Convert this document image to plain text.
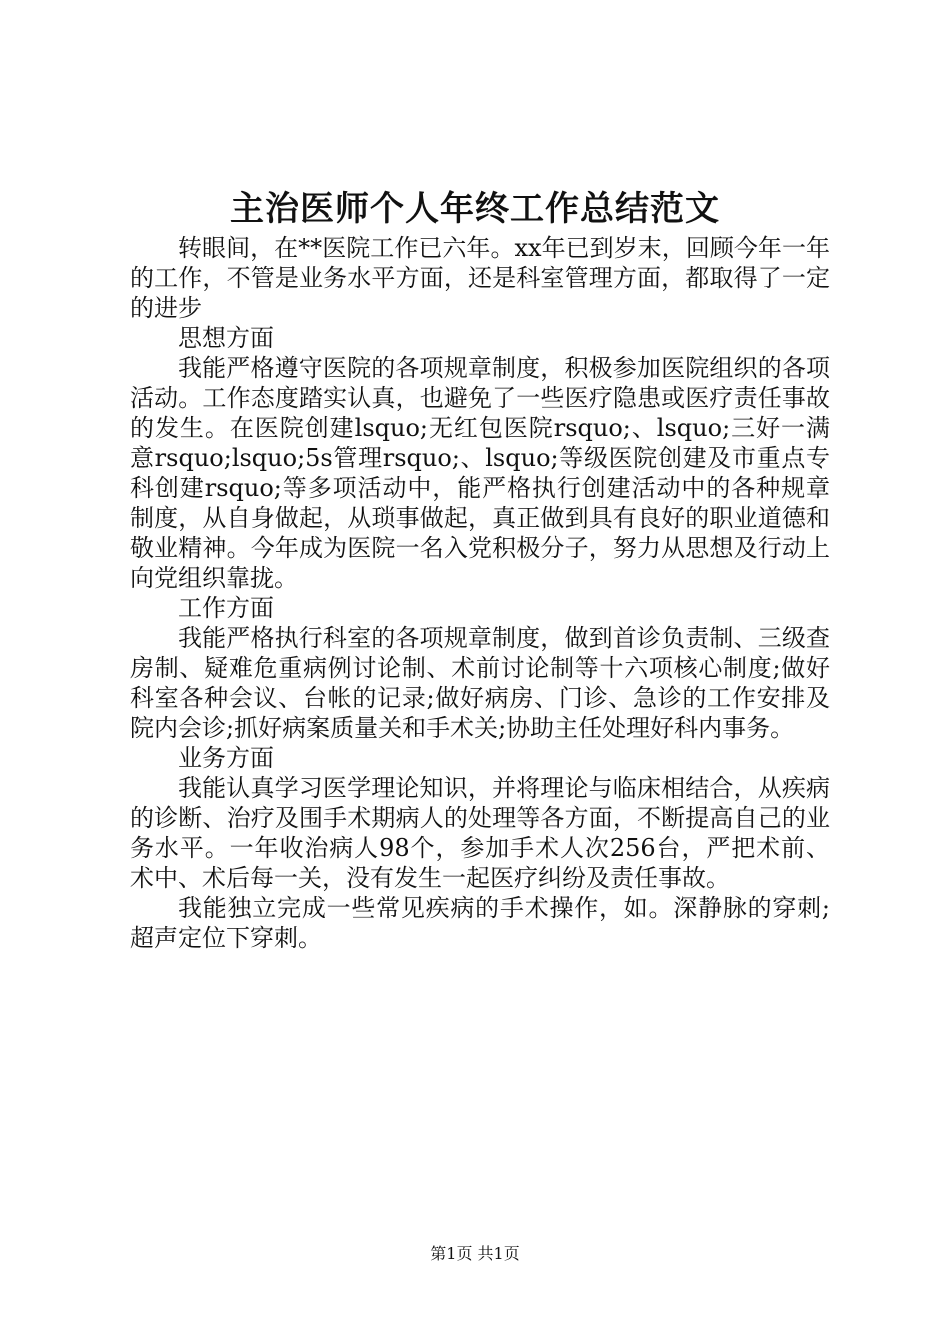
主治医师个人年终工作总结范文

转眼间，在**医院工作已六年。xx年已到岁末，回顾今年一年的工作，不管是业务水平方面，还是科室管理方面，都取得了一定的进步

思想方面

我能严格遵守医院的各项规章制度，积极参加医院组织的各项活动。工作态度踏实认真，也避免了一些医疗隐患或医疗责任事故的发生。在医院创建lsquo;无红包医院rsquo;、lsquo;三好一满意rsquo;lsquo;5s管理rsquo;、lsquo;等级医院创建及市重点专科创建rsquo;等多项活动中，能严格执行创建活动中的各种规章制度，从自身做起，从琐事做起，真正做到具有良好的职业道德和敬业精神。今年成为医院一名入党积极分子，努力从思想及行动上向党组织靠拢。

工作方面

我能严格执行科室的各项规章制度，做到首诊负责制、三级查房制、疑难危重病例讨论制、术前讨论制等十六项核心制度;做好科室各种会议、台帐的记录;做好病房、门诊、急诊的工作安排及院内会诊;抓好病案质量关和手术关;协助主任处理好科内事务。

业务方面

我能认真学习医学理论知识，并将理论与临床相结合，从疾病的诊断、治疗及围手术期病人的处理等各方面，不断提高自己的业务水平。一年收治病人98个，参加手术人次256台，严把术前、术中、术后每一关，没有发生一起医疗纠纷及责任事故。

我能独立完成一些常见疾病的手术操作，如。深静脉的穿刺;超声定位下穿刺。

第1页 共1页
